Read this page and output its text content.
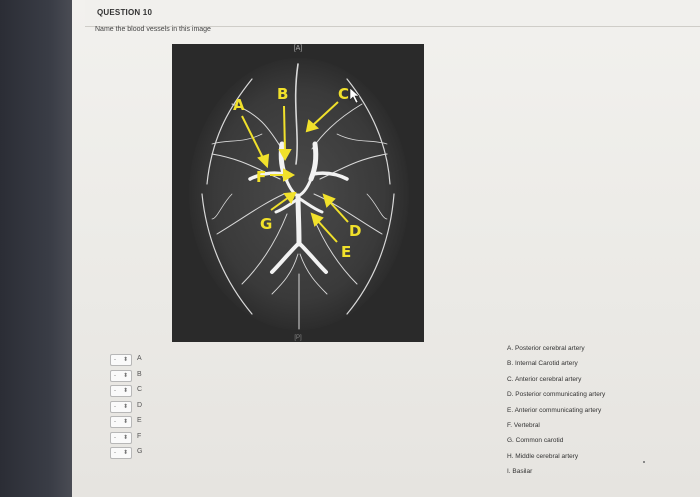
QUESTION 10
Name the blood vessels in this image
A
B	C
D
E
F
G
[A]
[P]
- ⬍ A
- ⬍ B
- ⬍ C
- ⬍ D
- ⬍ E
- ⬍ F
- ⬍ G
A. Posterior cerebral artery
B. Internal Carotid artery
C. Anterior cerebral artery
D. Posterior communicating artery
E. Anterior communicating artery
F. Vertebral
G. Common carotid
H. Middle cerebral artery
I. Basilar
